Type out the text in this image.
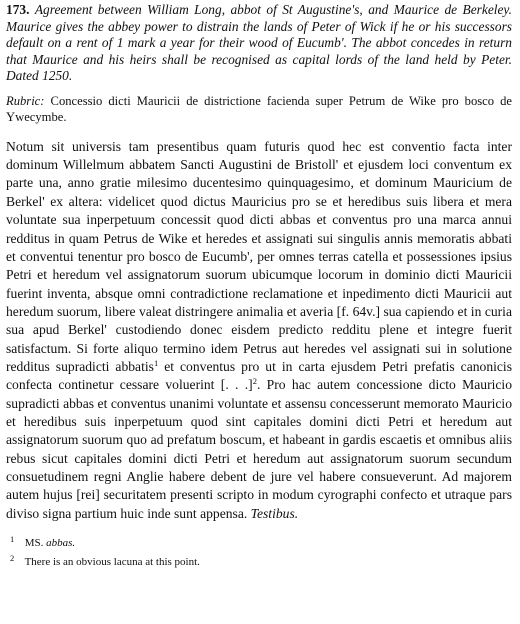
173. Agreement between William Long, abbot of St Augustine's, and Maurice de Berkeley. Maurice gives the abbey power to distrain the lands of Peter of Wick if he or his successors default on a rent of 1 mark a year for their wood of Eucumb'. The abbot concedes in return that Maurice and his heirs shall be recognised as capital lords of the land held by Peter. Dated 1250.

Rubric: Concessio dicti Mauricii de districtione facienda super Petrum de Wike pro bosco de Ywecymbe.

Notum sit universis tam presentibus quam futuris quod hec est conventio facta inter dominum Willelmum abbatem Sancti Augustini de Bristoll' et ejusdem loci conventum ex parte una, anno gratie milesimo ducentesimo quinquagesimo, et dominum Mauricium de Berkel' ex altera: videlicet quod dictus Mauricius pro se et heredibus suis libera et mera voluntate sua inperpetuum concessit quod dicti abbas et conventus pro una marca annui redditus in quam Petrus de Wike et heredes et assignati sui singulis annis memoratis abbati et conventui tenentur pro bosco de Eucumb', per omnes terras catella et possessiones ipsius Petri et heredum vel assignatorum suorum ubicumque locorum in dominio dicti Mauricii fuerint inventa, absque omni contradictione reclamatione et inpedimento dicti Mauricii aut heredum suorum, libere valeat distringere animalia et averia [f. 64v.] sua capiendo et in curia sua apud Berkel' custodiendo donec eisdem predicto redditu plene et integre fuerit satisfactum. Si forte aliquo termino idem Petrus aut heredes vel assignati sui in solutione redditus supradicti abbatis$^1$ et conventus pro ut in carta ejusdem Petri prefatis canonicis confecta continetur cessare voluerint [. . .]$^2$. Pro hac autem concessione dicto Mauricio supradicti abbas et conventus unanimi voluntate et assensu concesserunt memorato Mauricio et heredibus suis inperpetuum quod sint capitales domini dicti Petri et heredum aut assignatorum suorum quo ad prefatum boscum, et habeant in gardis escaetis et omnibus aliis rebus sicut capitales domini dicti Petri et heredum aut assignatorum suorum secundum consuetudinem regni Anglie habere debent de jure vel habere consueverunt. Ad majorem autem hujus [rei] securitatem presenti scripto in modum cyrographi confecto et utraque pars diviso signa partium huic inde sunt appensa. Testibus.

1 MS. abbas.

2 There is an obvious lacuna at this point.
